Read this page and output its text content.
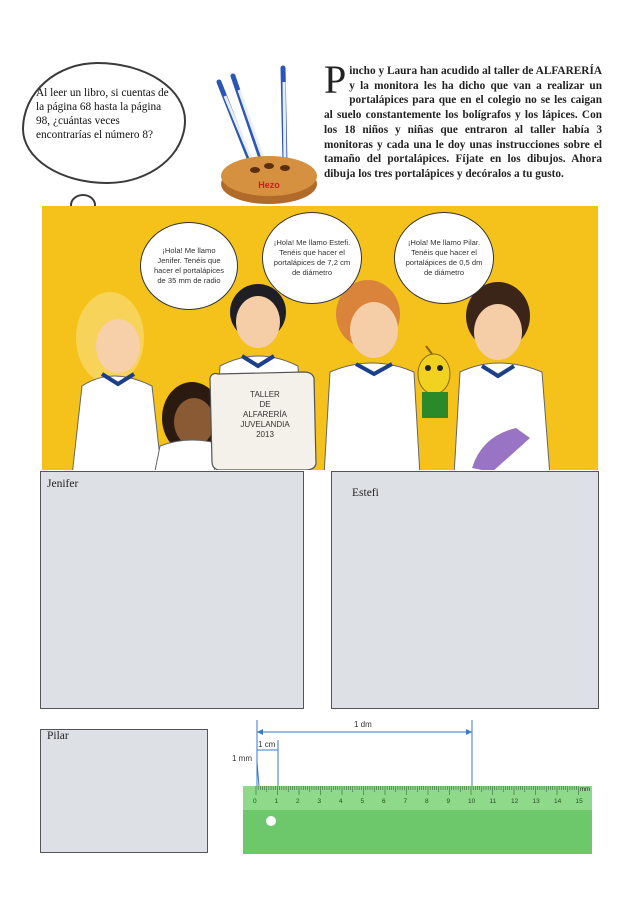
Al leer un libro, si cuentas de la página 68 hasta la página 98, ¿cuántas veces encontrarías el número 8?
Hezo
P incho y Laura han acudido al taller de ALFARERÍA y la monitora les ha dicho que van a realizar un portalápices para que en el colegio no se les caigan al suelo constantemente los bolígrafos y los lápices. Con los 18 niños y niñas que entraron al taller había 3 monitoras y cada una le doy unas instrucciones sobre el tamaño del portalápices. Fíjate en los dibujos. Ahora dibuja los tres portalápices y decóralos a tu gusto.

¡Hola! Me llamo Jenifer. Tenéis que hacer el portalápices de 35 mm de radio
¡Hola! Me llamo Estefi. Tenéis que hacer el portalápices de 7,2 cm de diámetro
¡Hola! Me llamo Pilar. Tenéis que hacer el portalápices de 0,5 dm de diámetro
TALLER
DE
ALFARERÍA
JUVELANDIA
2013
Jenifer
Estefi
Pilar
1 dm
1 cm
1 mm
0	1	2	3	4	5	6	7	8	9	10 11 12 13 14 15
mm
